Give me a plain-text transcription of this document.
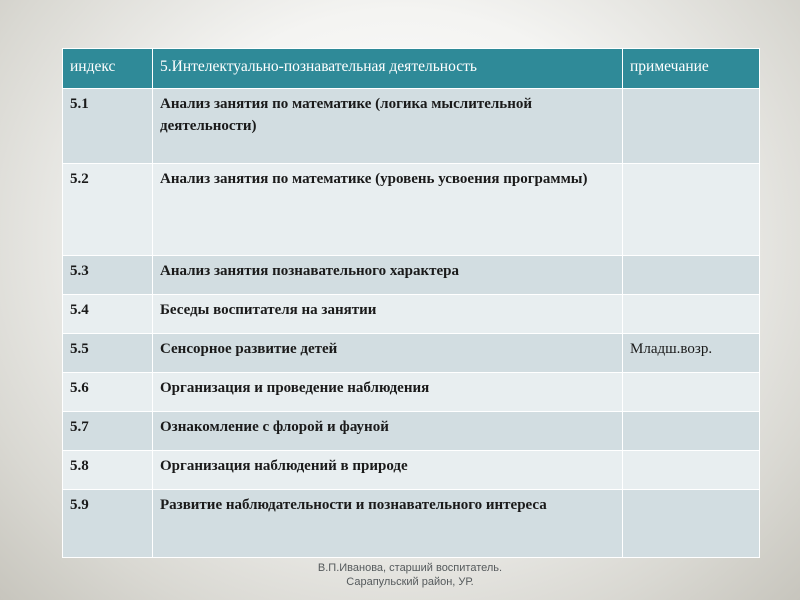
индекс	5.Интелектуально-познавательная деятельность	примечание
5.1	Анализ занятия по математике (логика мыслительной деятельности)	
5.2	Анализ занятия по математике (уровень усвоения программы)	
5.3	Анализ занятия познавательного характера	
5.4	Беседы воспитателя на занятии	
5.5	Сенсорное развитие детей	Младш.возр.
5.6	Организация и проведение наблюдения	
5.7	Ознакомление с флорой и фауной	
5.8	Организация наблюдений в природе	
5.9	Развитие наблюдательности и познавательного интереса	
В.П.Иванова, старший воспитатель.
Сарапульский район, УР.
